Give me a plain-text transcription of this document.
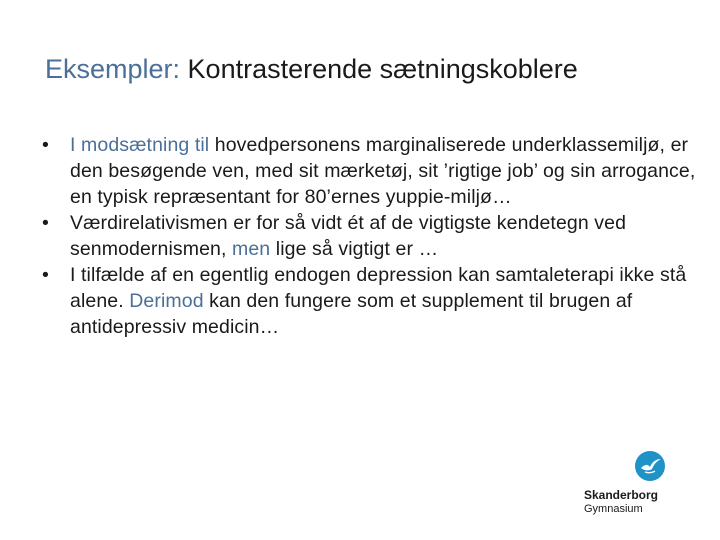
Eksempler: Kontrasterende sætningskoblere
•	I modsætning til hovedpersonens marginaliserede underklassemiljø, er den besøgende ven, med sit mærketøj, sit ’rigtige job’ og sin arrogance, en typisk repræsentant for 80’ernes yuppie-miljø…
•	Værdirelativismen er for så vidt ét af de vigtigste kendetegn ved senmodernismen, men lige så vigtigt er …
•	I tilfælde af en egentlig endogen depression kan samtaleterapi ikke stå alene. Derimod kan den fungere som et supplement til brugen af antidepressiv medicin…
Skanderborg
Gymnasium
